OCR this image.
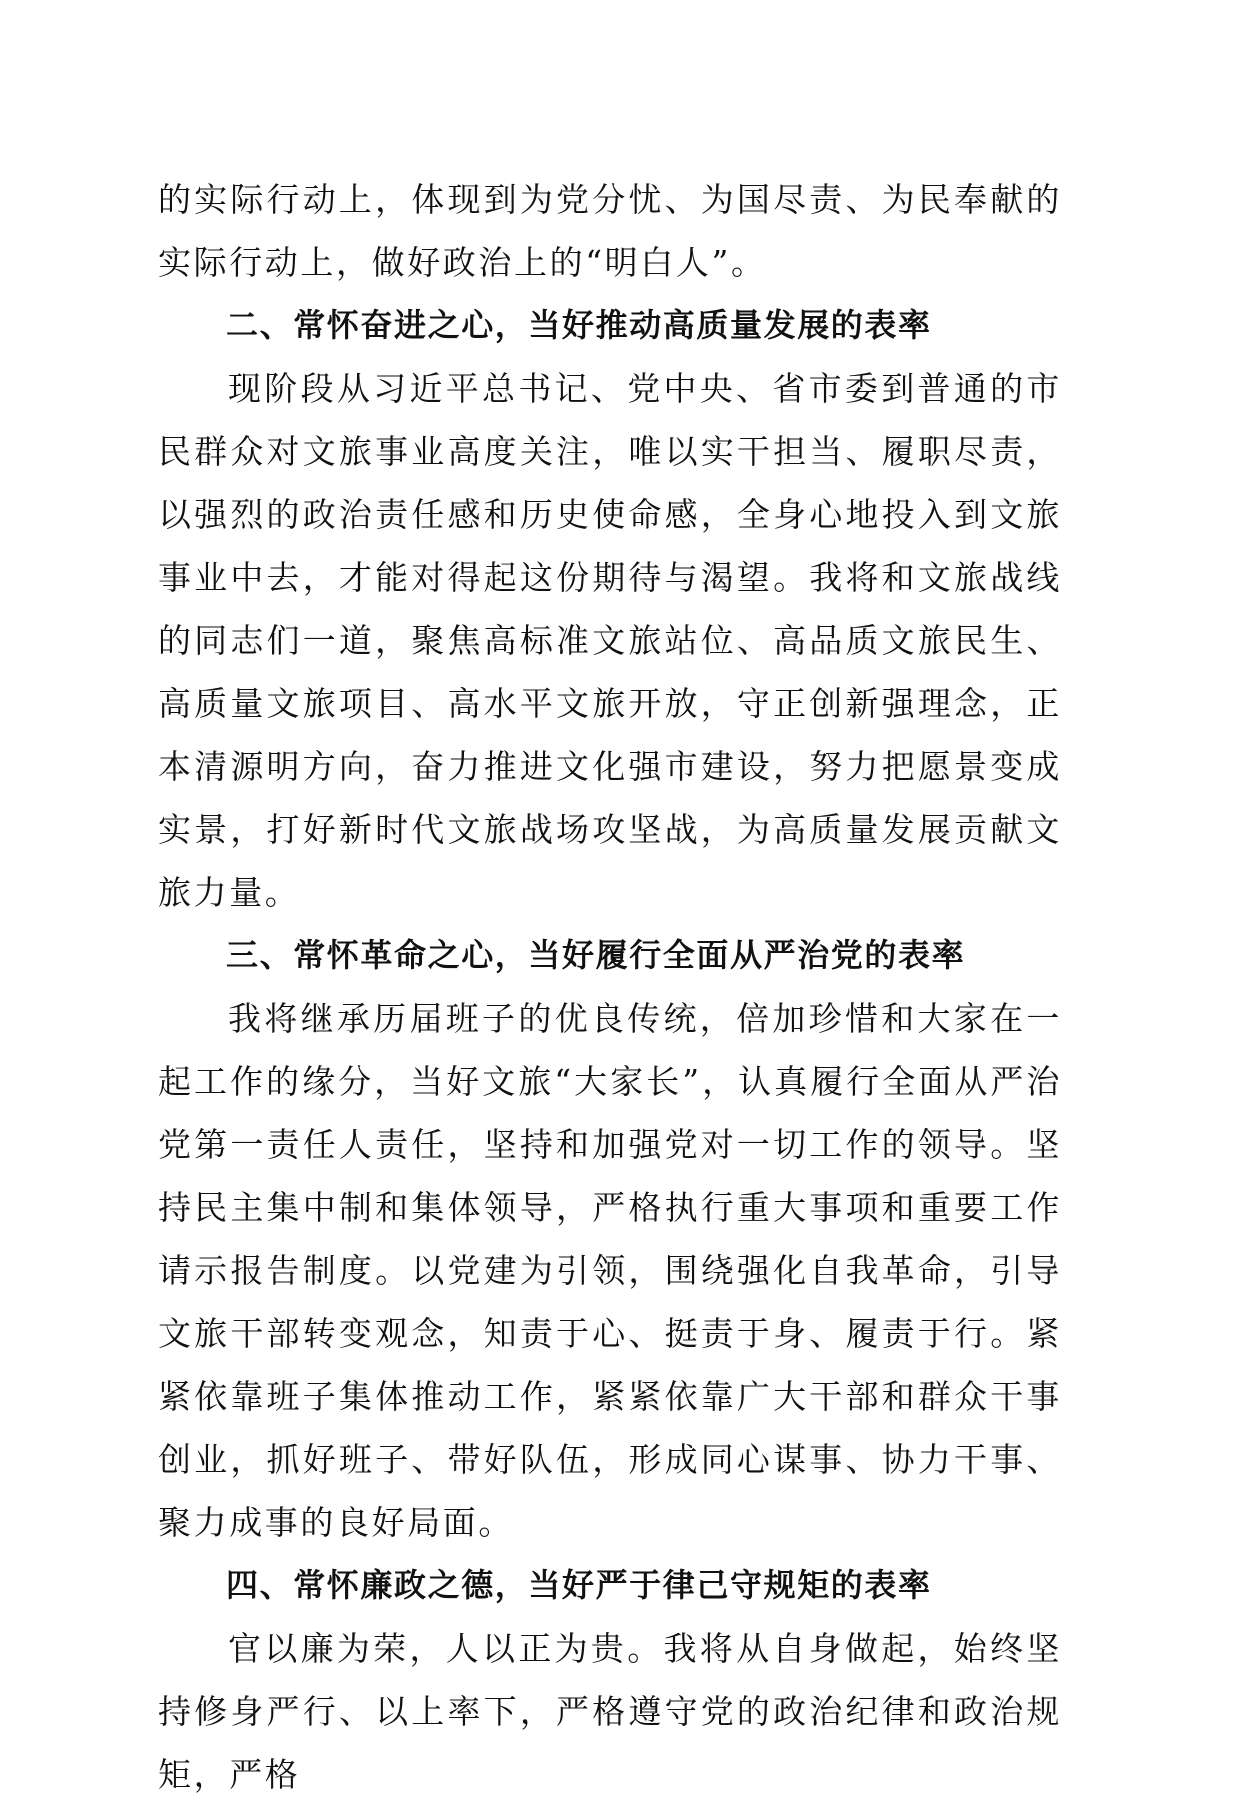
的实际行动上，体现到为党分忧、为国尽责、为民奉献的实际行动上，做好政治上的“明白人”。

二、常怀奋进之心，当好推动高质量发展的表率

现阶段从习近平总书记、党中央、省市委到普通的市民群众对文旅事业高度关注，唯以实干担当、履职尽责，以强烈的政治责任感和历史使命感，全身心地投入到文旅事业中去，才能对得起这份期待与渴望。我将和文旅战线的同志们一道，聚焦高标准文旅站位、高品质文旅民生、高质量文旅项目、高水平文旅开放，守正创新强理念，正本清源明方向，奋力推进文化强市建设，努力把愿景变成实景，打好新时代文旅战场攻坚战，为高质量发展贡献文旅力量。

三、常怀革命之心，当好履行全面从严治党的表率

我将继承历届班子的优良传统，倍加珍惜和大家在一起工作的缘分，当好文旅“大家长”，认真履行全面从严治党第一责任人责任，坚持和加强党对一切工作的领导。坚持民主集中制和集体领导，严格执行重大事项和重要工作请示报告制度。以党建为引领，围绕强化自我革命，引导文旅干部转变观念，知责于心、挺责于身、履责于行。紧紧依靠班子集体推动工作，紧紧依靠广大干部和群众干事创业，抓好班子、带好队伍，形成同心谋事、协力干事、聚力成事的良好局面。

四、常怀廉政之德，当好严于律己守规矩的表率

官以廉为荣，人以正为贵。我将从自身做起，始终坚持修身严行、以上率下，严格遵守党的政治纪律和政治规矩，严格
